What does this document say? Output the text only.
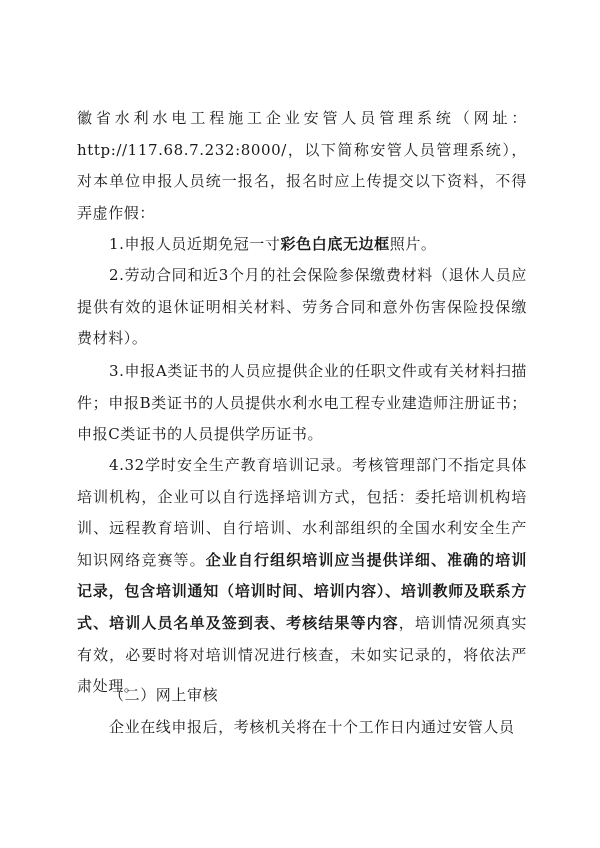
徽省水利水电工程施工企业安管人员管理系统（网址：http://117.68.7.232:8000/，以下简称安管人员管理系统），对本单位申报人员统一报名，报名时应上传提交以下资料，不得弄虚作假：

1.申报人员近期免冠一寸彩色白底无边框照片。

2.劳动合同和近3个月的社会保险参保缴费材料（退休人员应提供有效的退休证明相关材料、劳务合同和意外伤害保险投保缴费材料）。

3.申报A类证书的人员应提供企业的任职文件或有关材料扫描件；申报B类证书的人员提供水利水电工程专业建造师注册证书；申报C类证书的人员提供学历证书。

4.32学时安全生产教育培训记录。考核管理部门不指定具体培训机构，企业可以自行选择培训方式，包括：委托培训机构培训、远程教育培训、自行培训、水利部组织的全国水利安全生产知识网络竞赛等。企业自行组织培训应当提供详细、准确的培训记录，包含培训通知（培训时间、培训内容）、培训教师及联系方式、培训人员名单及签到表、考核结果等内容，培训情况须真实有效，必要时将对培训情况进行核查，未如实记录的，将依法严肃处理。

（二）网上审核

企业在线申报后，考核机关将在十个工作日内通过安管人员
